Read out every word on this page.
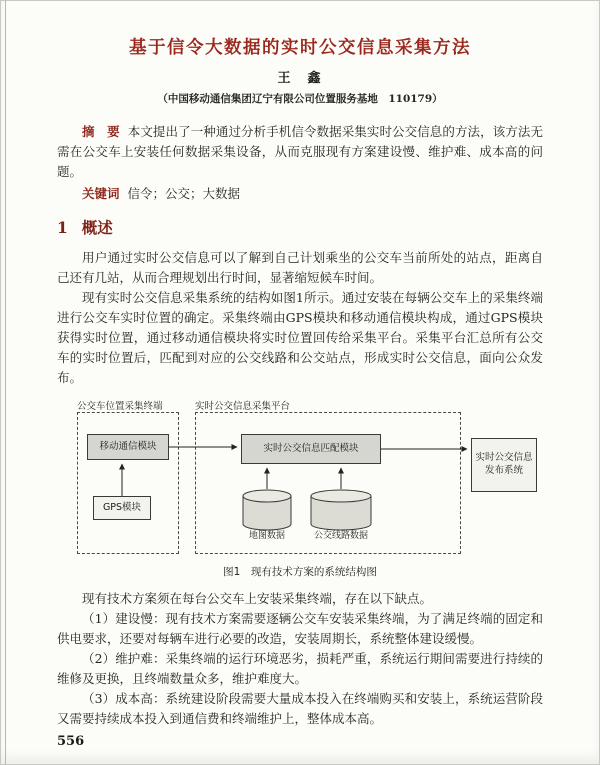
基于信令大数据的实时公交信息采集方法
王　鑫
（中国移动通信集团辽宁有限公司位置服务基地　110179）

摘　要 本文提出了一种通过分析手机信令数据采集实时公交信息的方法，该方法无需在公交车上安装任何数据采集设备，从而克服现有方案建设慢、维护难、成本高的问题。

关键词 信令；公交；大数据

1 概述

用户通过实时公交信息可以了解到自己计划乘坐的公交车当前所处的站点，距离自己还有几站，从而合理规划出行时间，显著缩短候车时间。

现有实时公交信息采集系统的结构如图1所示。通过安装在每辆公交车上的采集终端进行公交车实时位置的确定。采集终端由GPS模块和移动通信模块构成，通过GPS模块获得实时位置，通过移动通信模块将实时位置回传给采集平台。采集平台汇总所有公交车的实时位置后，匹配到对应的公交线路和公交站点，形成实时公交信息，面向公众发布。

公交车位置采集终端	实时公交信息采集平台
移动通信模块
GPS模块
实时公交信息匹配模块
实时公交信息发布系统
地图数据	公交线路数据
图1　现有技术方案的系统结构图

现有技术方案须在每台公交车上安装采集终端，存在以下缺点。

（1）建设慢：现有技术方案需要逐辆公交车安装采集终端，为了满足终端的固定和供电要求，还要对每辆车进行必要的改造，安装周期长，系统整体建设缓慢。

（2）维护难：采集终端的运行环境恶劣，损耗严重，系统运行期间需要进行持续的维修及更换，且终端数量众多，维护难度大。

（3）成本高：系统建设阶段需要大量成本投入在终端购买和安装上，系统运营阶段又需要持续成本投入到通信费和终端维护上，整体成本高。

556
